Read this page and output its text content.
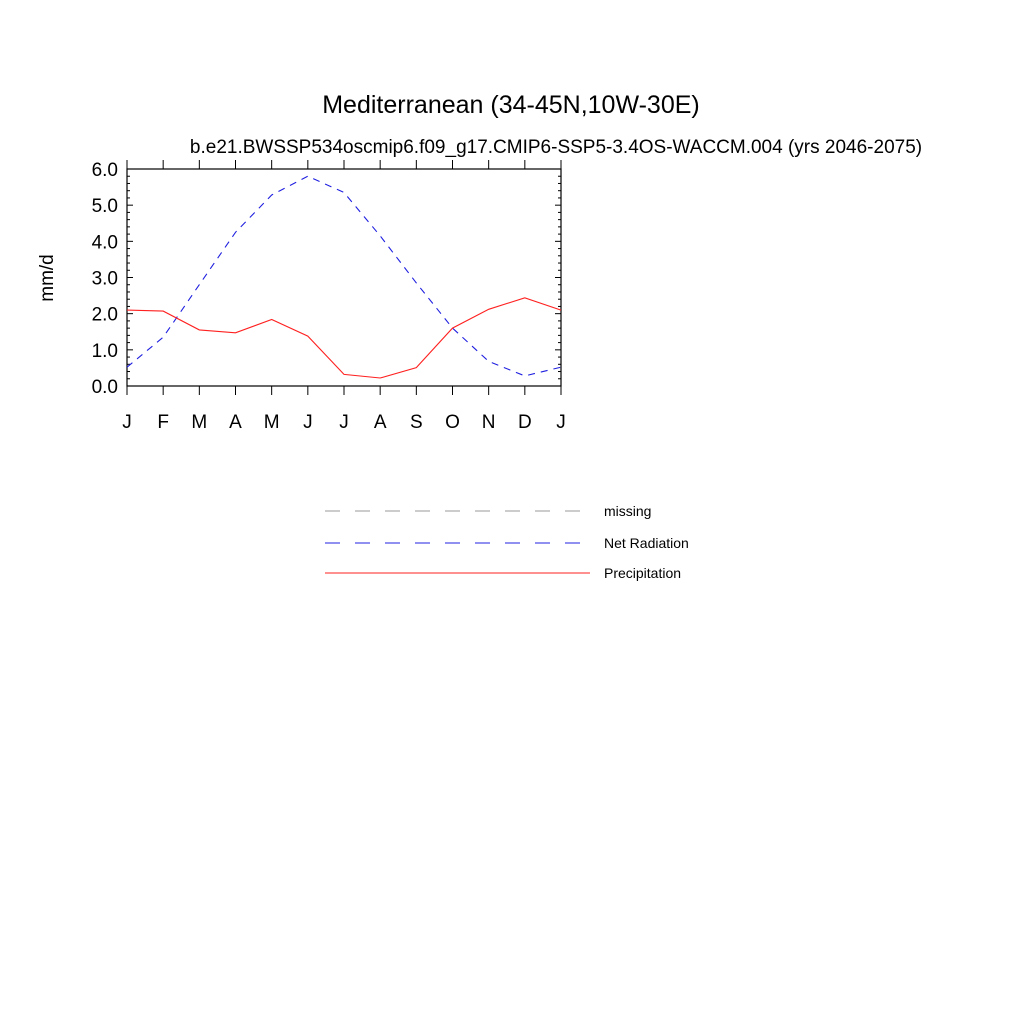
Mediterranean (34-45N,10W-30E)
b.e21.BWSSP534oscmip6.f09_g17.CMIP6-SSP5-3.4OS-WACCM.004 (yrs 2046-2075)
mm/d
0.0
1.0
2.0
3.0
4.0
5.0
6.0
J F M A M J J A S O N D J
missing
Net Radiation
Precipitation
